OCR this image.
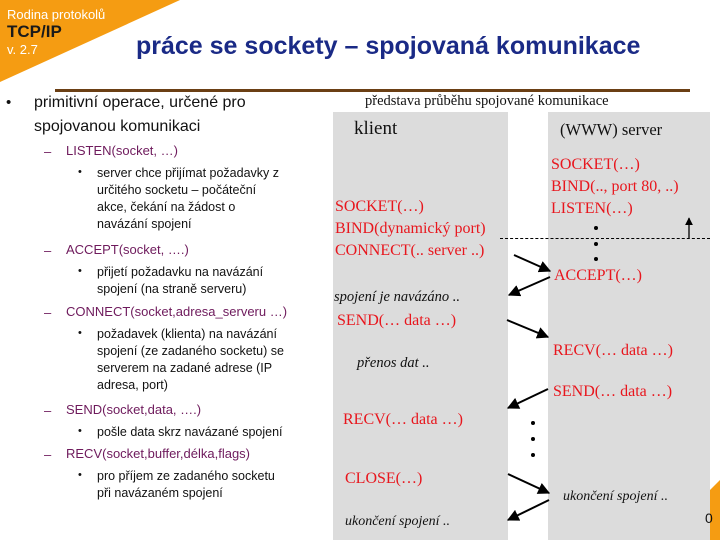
Rodina protokolů
TCP/IP
v. 2.7	práce se sockety – spojovaná komunikace
• primitivní operace, určené pro
spojovanou komunikaci
– LISTEN(socket, …)
• server chce přijímat požadavky z
určitého socketu – počáteční
akce, čekání na žádost o
navázání spojení
– ACCEPT(socket, ….)
• přijetí požadavku na navázání
spojení (na straně serveru)
– CONNECT(socket,adresa_serveru …)
• požadavek (klienta) na navázání
spojení (ze zadaného socketu) se
serverem na zadané adrese (IP
adresa, port)
– SEND(socket,data, ….)
• pošle data skrz navázané spojení
– RECV(socket,buffer,délka,flags)
• pro příjem ze zadaného socketu
při navázaném spojení
představa průběhu spojované komunikace
klient	(WWW) server
SOCKET(…)
BIND(.., port 80, ..)
LISTEN(…)
SOCKET(…)
BIND(dynamický port)
CONNECT(.. server ..)
ACCEPT(…)
spojení je navázáno ..
SEND(… data …)
RECV(… data …)
přenos dat ..
SEND(… data …)
RECV(… data …)
CLOSE(…)
ukončení spojení ..
ukončení spojení ..	0
